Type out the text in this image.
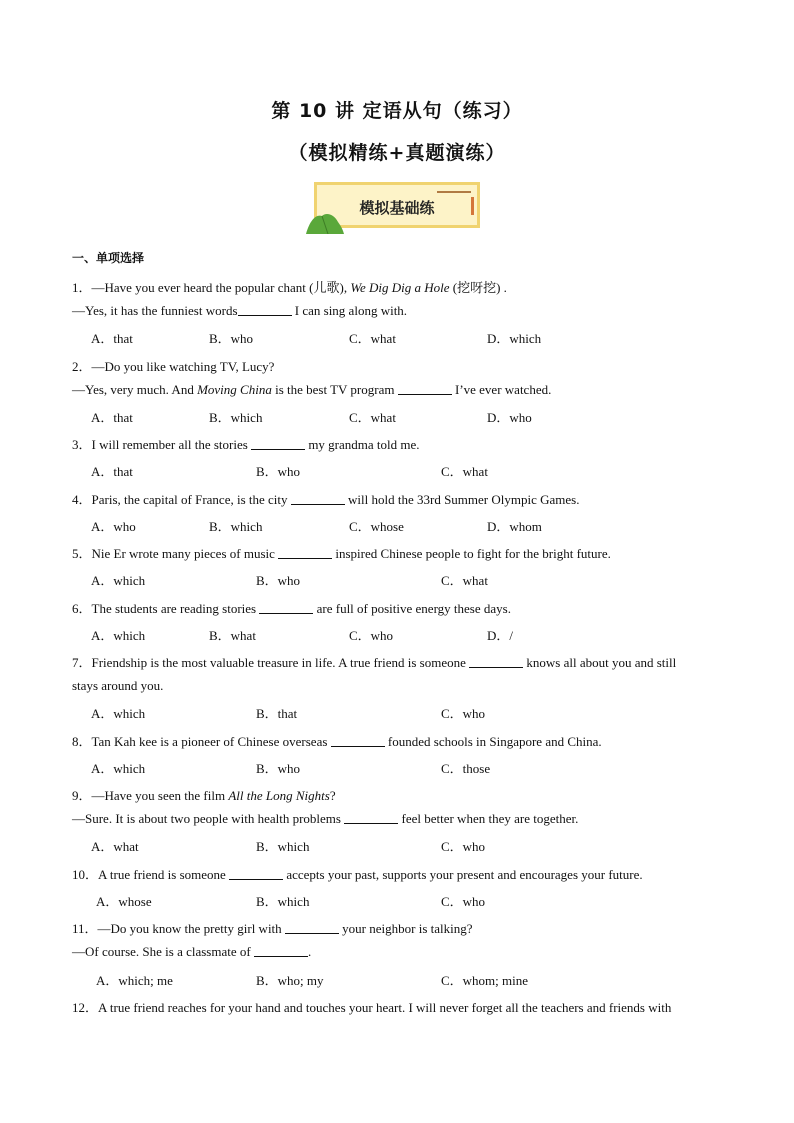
第 10 讲 定语从句（练习）
（模拟精练+真题演练）
模拟基础练
一、单项选择
1．—Have you ever heard the popular chant (儿歌), We Dig Dig a Hole (挖呀挖) .
—Yes, it has the funniest words	I can sing along with.
A．that	B．who	C．what	D．which
2．—Do you like watching TV, Lucy?
—Yes, very much. And Moving China is the best TV program	I’ve ever watched.
A．that	B．which	C．what	D．who
3．I will remember all the stories	my grandma told me.
A．that	B．who	C．what
4．Paris, the capital of France, is the city	will hold the 33rd Summer Olympic Games.
A．who	B．which	C．whose	D．whom
5．Nie Er wrote many pieces of music	inspired Chinese people to fight for the bright future.
A．which	B．who	C．what
6．The students are reading stories	are full of positive energy these days.
A．which	B．what	C．who	D．/
7．Friendship is the most valuable treasure in life. A true friend is someone	knows all about you and still
stays around you.
A．which	B．that	C．who
8．Tan Kah kee is a pioneer of Chinese overseas	founded schools in Singapore and China.
A．which	B．who	C．those
9．—Have you seen the film All the Long Nights?
—Sure. It is about two people with health problems	feel better when they are together.
A．what	B．which	C．who
10．A true friend is someone	accepts your past, supports your present and encourages your future.
A．whose	B．which	C．who
11．—Do you know the pretty girl with	your neighbor is talking?
—Of course. She is a classmate of	.
A．which; me	B．who; my	C．whom; mine
12．A true friend reaches for your hand and touches your heart. I will never forget all the teachers and friends with
